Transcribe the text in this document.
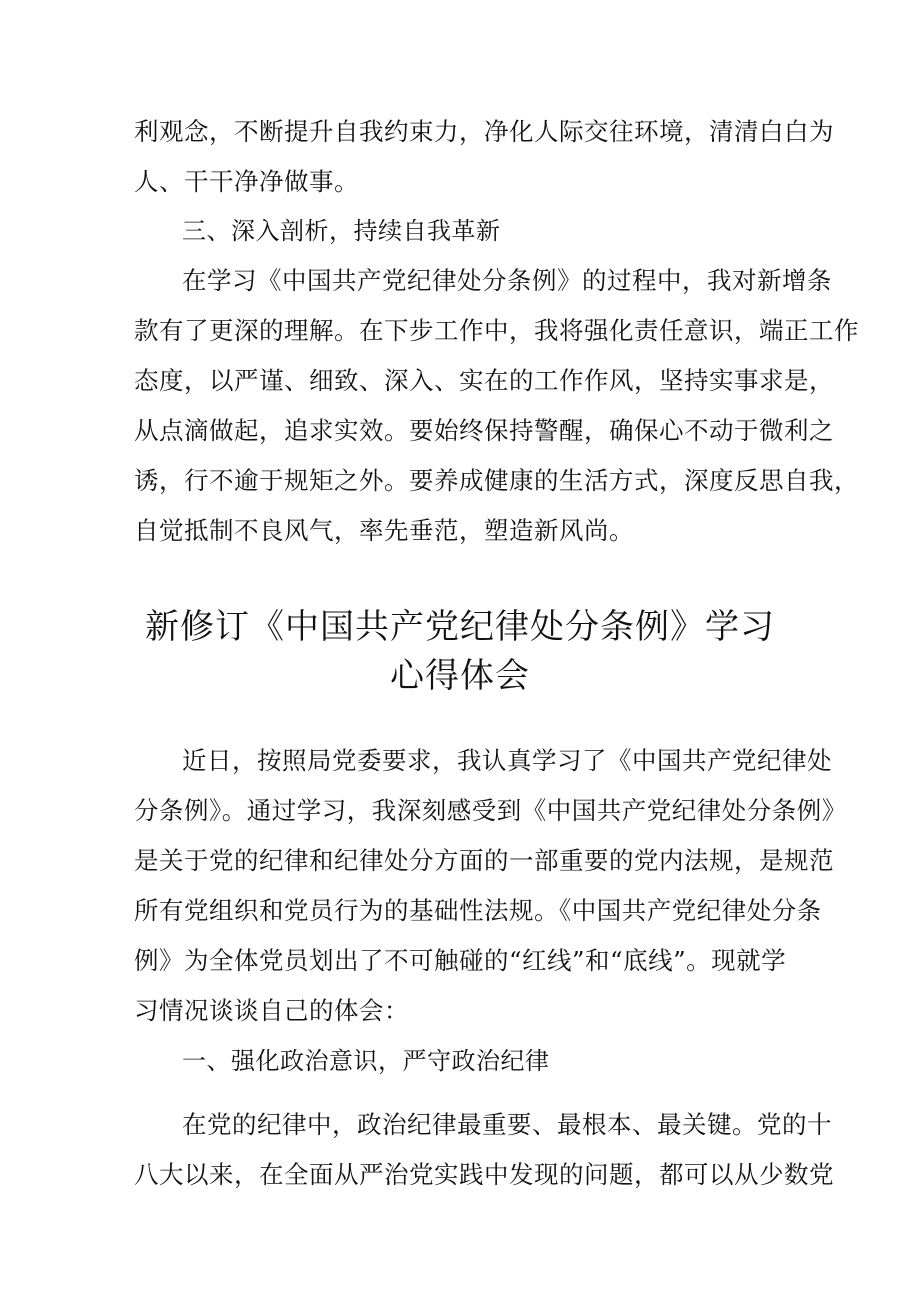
利观念，不断提升自我约束力，净化人际交往环境，清清白白为
人、干干净净做事。
三、深入剖析，持续自我革新
在学习《中国共产党纪律处分条例》的过程中，我对新增条
款有了更深的理解。在下步工作中，我将强化责任意识，端正工作
态度，以严谨、细致、深入、实在的工作作风，坚持实事求是，
从点滴做起，追求实效。要始终保持警醒，确保心不动于微利之
诱，行不逾于规矩之外。要养成健康的生活方式，深度反思自我，
自觉抵制不良风气，率先垂范，塑造新风尚。
新修订《中国共产党纪律处分条例》学习
心得体会
近日，按照局党委要求，我认真学习了《中国共产党纪律处
分条例》。通过学习，我深刻感受到《中国共产党纪律处分条例》
是关于党的纪律和纪律处分方面的一部重要的党内法规，是规范
所有党组织和党员行为的基础性法规。《中国共产党纪律处分条
例》为全体党员划出了不可触碰的“红线”和“底线”。现就学
习情况谈谈自己的体会：
一、强化政治意识，严守政治纪律
在党的纪律中，政治纪律最重要、最根本、最关键。党的十
八大以来，在全面从严治党实践中发现的问题，都可以从少数党
